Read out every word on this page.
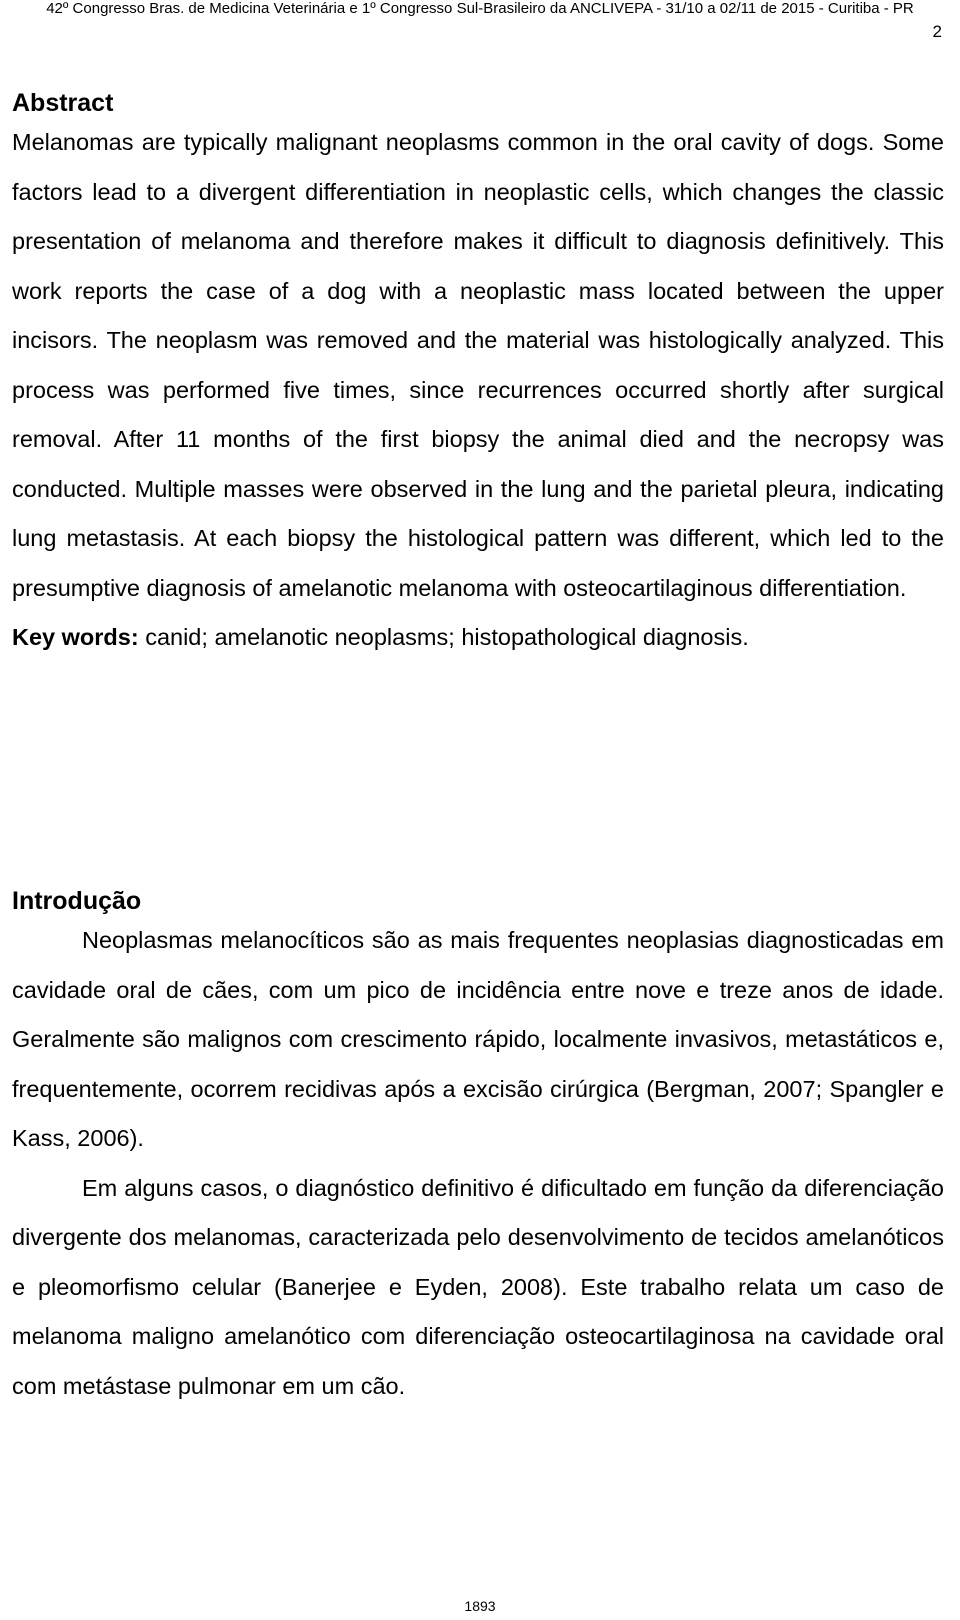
42º Congresso Bras. de Medicina Veterinária e 1º Congresso Sul-Brasileiro da ANCLIVEPA - 31/10 a 02/11 de 2015 - Curitiba - PR
2
Abstract

Melanomas are typically malignant neoplasms common in the oral cavity of dogs. Some factors lead to a divergent differentiation in neoplastic cells, which changes the classic presentation of melanoma and therefore makes it difficult to diagnosis definitively. This work reports the case of a dog with a neoplastic mass located between the upper incisors. The neoplasm was removed and the material was histologically analyzed. This process was performed five times, since recurrences occurred shortly after surgical removal. After 11 months of the first biopsy the animal died and the necropsy was conducted. Multiple masses were observed in the lung and the parietal pleura, indicating lung metastasis. At each biopsy the histological pattern was different, which led to the presumptive diagnosis of amelanotic melanoma with osteocartilaginous differentiation.

Key words: canid; amelanotic neoplasms; histopathological diagnosis.

Introdução

Neoplasmas melanocíticos são as mais frequentes neoplasias diagnosticadas em cavidade oral de cães, com um pico de incidência entre nove e treze anos de idade. Geralmente são malignos com crescimento rápido, localmente invasivos, metastáticos e, frequentemente, ocorrem recidivas após a excisão cirúrgica (Bergman, 2007; Spangler e Kass, 2006).

Em alguns casos, o diagnóstico definitivo é dificultado em função da diferenciação divergente dos melanomas, caracterizada pelo desenvolvimento de tecidos amelanóticos e pleomorfismo celular (Banerjee e Eyden, 2008). Este trabalho relata um caso de melanoma maligno amelanótico com diferenciação osteocartilaginosa na cavidade oral com metástase pulmonar em um cão.

1893
